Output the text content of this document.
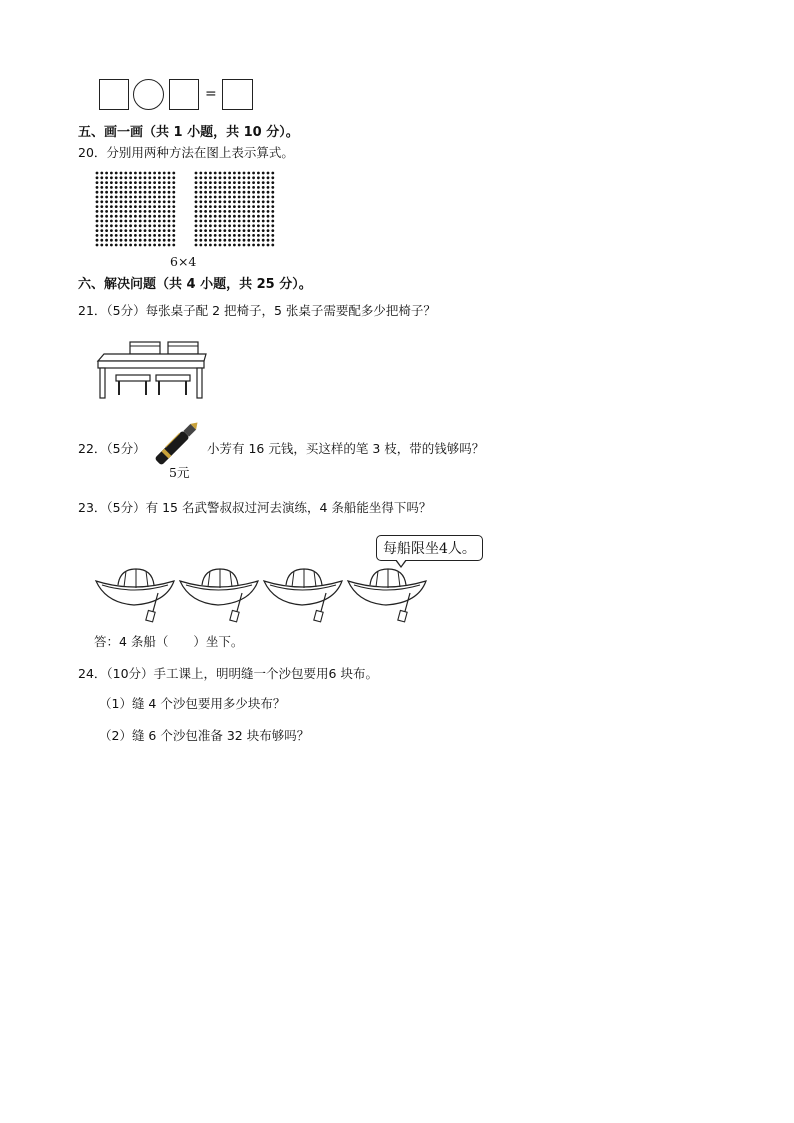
=
五、画一画（共 1 小题，共 10 分）。
20．分别用两种方法在图上表示算式。
6×4
六、解决问题（共 4 小题，共 25 分）。
21．（5分）每张桌子配 2 把椅子，5 张桌子需要配多少把椅子？
22．（5分）
5元
小芳有 16 元钱，买这样的笔 3 枝，带的钱够吗？
23．（5分）有 15 名武警叔叔过河去演练，4 条船能坐得下吗？
每船限坐4人。
答：4 条船（　　）坐下。
24．（10分）手工课上，明明缝一个沙包要用6 块布。
（1）缝 4 个沙包要用多少块布？
（2）缝 6 个沙包准备 32 块布够吗？
